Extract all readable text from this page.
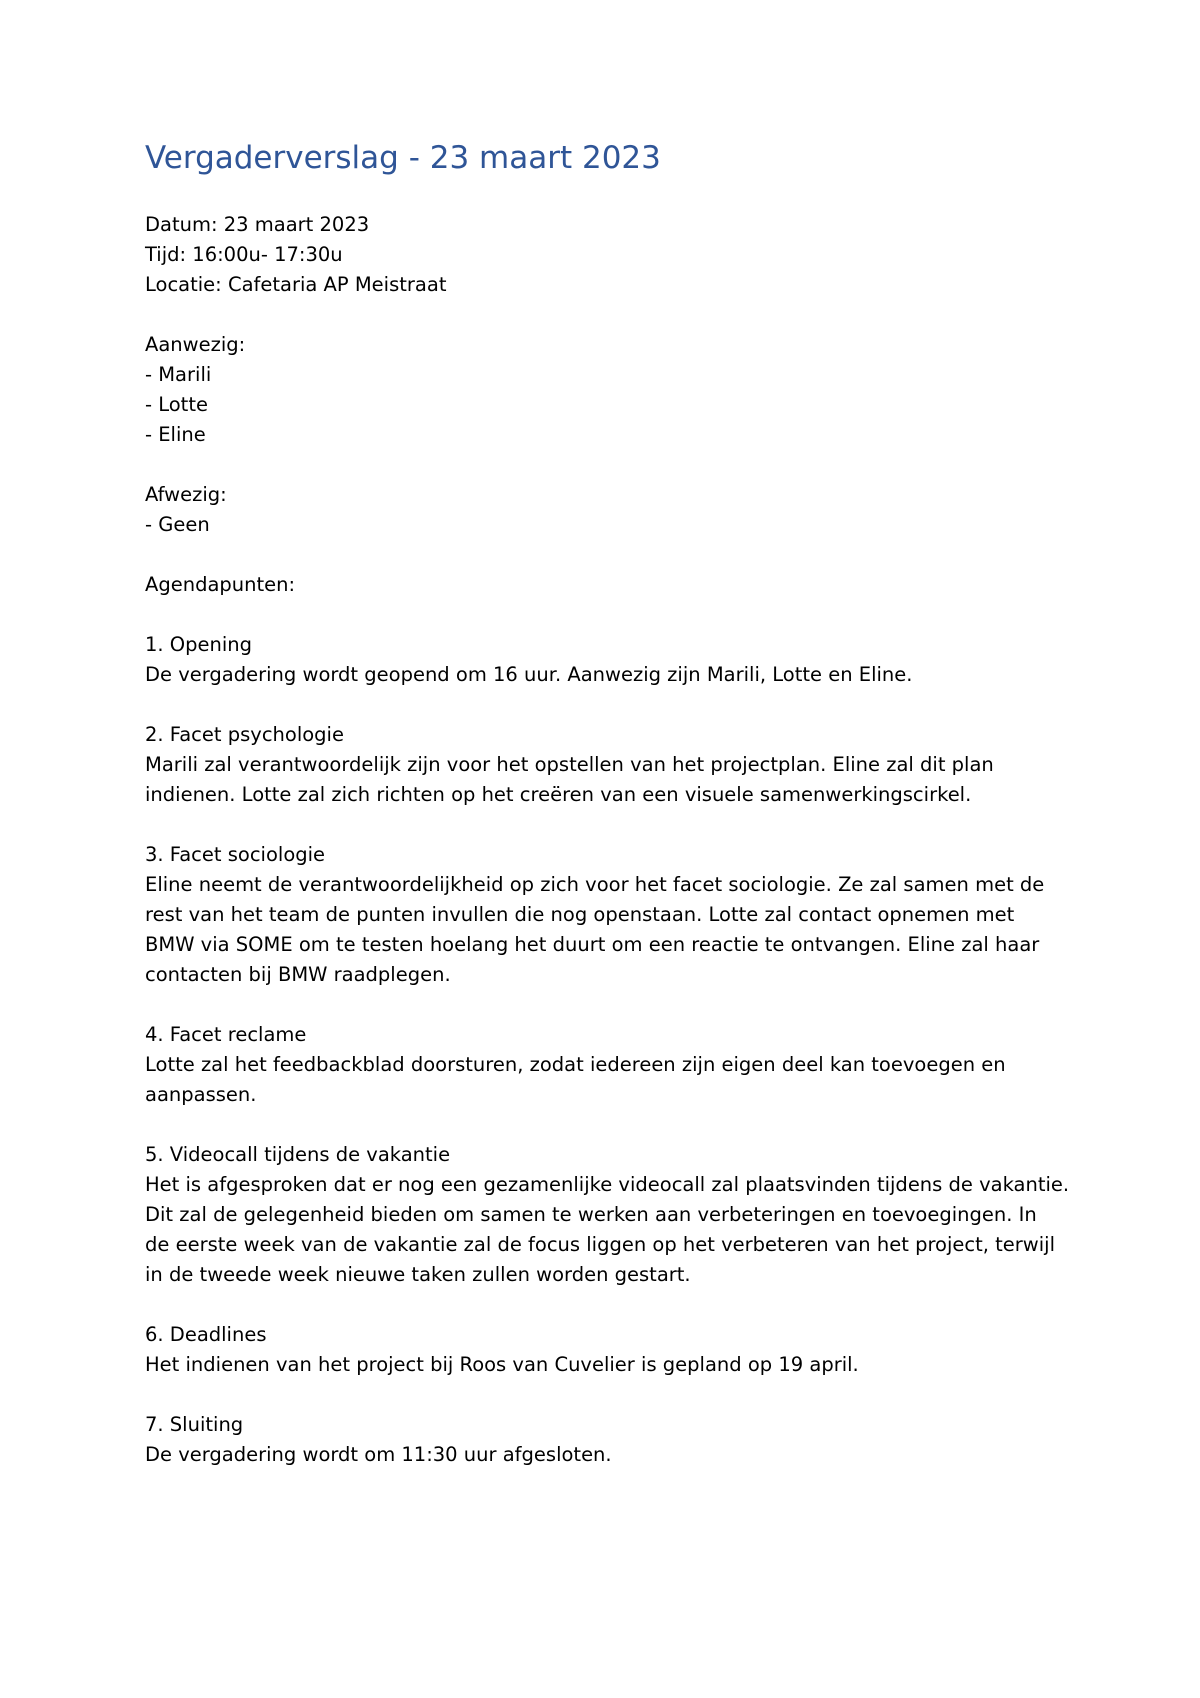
Vergaderverslag - 23 maart 2023
Datum: 23 maart 2023
Tijd: 16:00u- 17:30u
Locatie: Cafetaria AP Meistraat
Aanwezig:
- Marili
- Lotte
- Eline
Afwezig:
- Geen
Agendapunten:
1. Opening
De vergadering wordt geopend om 16 uur. Aanwezig zijn Marili, Lotte en Eline.
2. Facet psychologie
Marili zal verantwoordelijk zijn voor het opstellen van het projectplan. Eline zal dit plan
indienen. Lotte zal zich richten op het creëren van een visuele samenwerkingscirkel.
3. Facet sociologie
Eline neemt de verantwoordelijkheid op zich voor het facet sociologie. Ze zal samen met de
rest van het team de punten invullen die nog openstaan. Lotte zal contact opnemen met
BMW via SOME om te testen hoelang het duurt om een reactie te ontvangen. Eline zal haar
contacten bij BMW raadplegen.
4. Facet reclame
Lotte zal het feedbackblad doorsturen, zodat iedereen zijn eigen deel kan toevoegen en
aanpassen.
5. Videocall tijdens de vakantie
Het is afgesproken dat er nog een gezamenlijke videocall zal plaatsvinden tijdens de vakantie.
Dit zal de gelegenheid bieden om samen te werken aan verbeteringen en toevoegingen. In
de eerste week van de vakantie zal de focus liggen op het verbeteren van het project, terwijl
in de tweede week nieuwe taken zullen worden gestart.
6. Deadlines
Het indienen van het project bij Roos van Cuvelier is gepland op 19 april.
7. Sluiting
De vergadering wordt om 11:30 uur afgesloten.
